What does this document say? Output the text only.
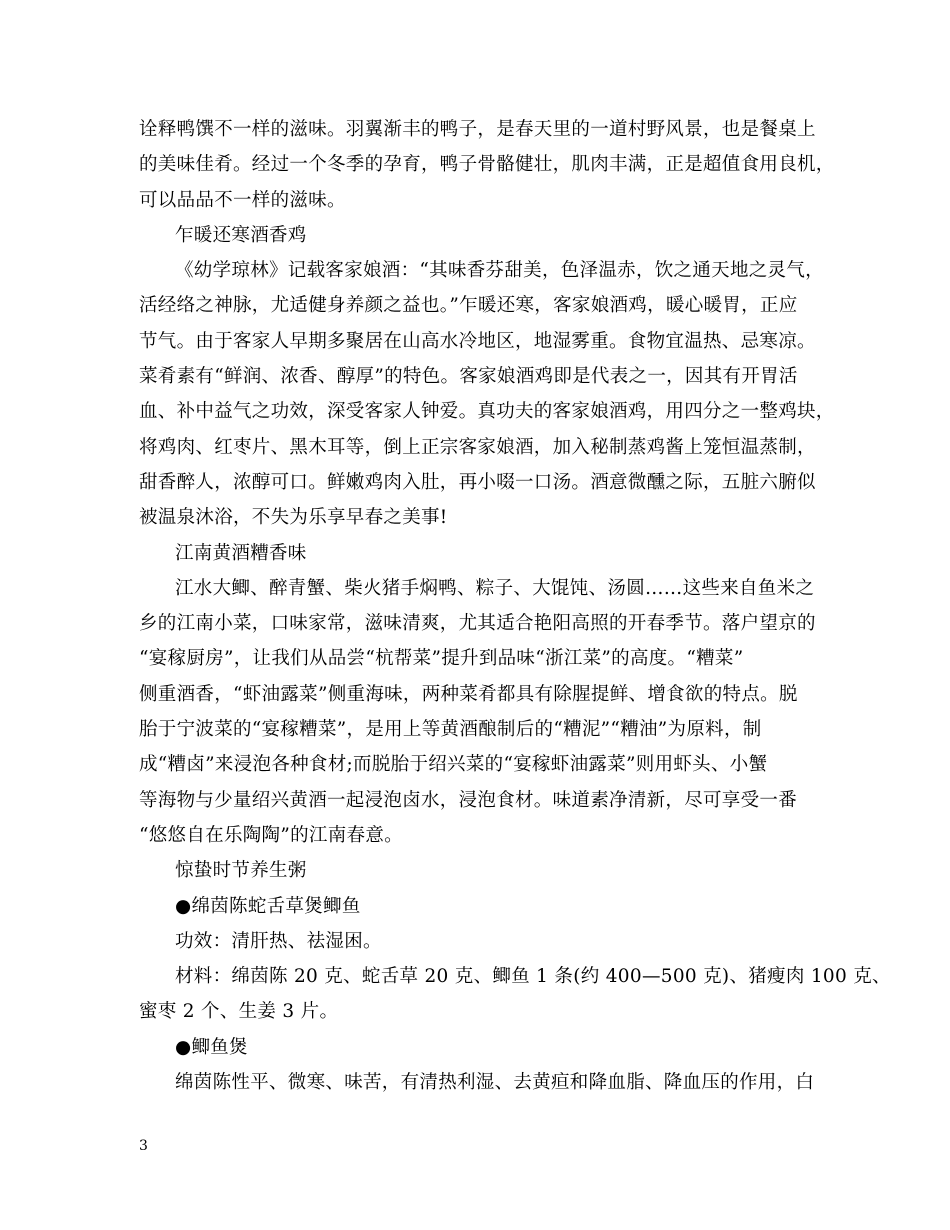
诠释鸭馔不一样的滋味。羽翼渐丰的鸭子，是春天里的一道村野风景，也是餐桌上
的美味佳肴。经过一个冬季的孕育，鸭子骨骼健壮，肌肉丰满，正是超值食用良机，
可以品品不一样的滋味。
乍暖还寒酒香鸡
《幼学琼林》记载客家娘酒：“其味香芬甜美，色泽温赤，饮之通天地之灵气，
活经络之神脉，尤适健身养颜之益也。”乍暖还寒，客家娘酒鸡，暖心暖胃，正应
节气。由于客家人早期多聚居在山高水冷地区，地湿雾重。食物宜温热、忌寒凉。
菜肴素有“鲜润、浓香、醇厚”的特色。客家娘酒鸡即是代表之一，因其有开胃活
血、补中益气之功效，深受客家人钟爱。真功夫的客家娘酒鸡，用四分之一整鸡块，
将鸡肉、红枣片、黑木耳等，倒上正宗客家娘酒，加入秘制蒸鸡酱上笼恒温蒸制，
甜香醉人，浓醇可口。鲜嫩鸡肉入肚，再小啜一口汤。酒意微醺之际，五脏六腑似
被温泉沐浴，不失为乐享早春之美事!
江南黄酒糟香味
江水大鲫、醉青蟹、柴火猪手焖鸭、粽子、大馄饨、汤圆……这些来自鱼米之
乡的江南小菜，口味家常，滋味清爽，尤其适合艳阳高照的开春季节。落户望京的
“宴稼厨房”，让我们从品尝“杭帮菜”提升到品味“浙江菜”的高度。“糟菜”
侧重酒香，“虾油露菜”侧重海味，两种菜肴都具有除腥提鲜、增食欲的特点。脱
胎于宁波菜的“宴稼糟菜”，是用上等黄酒酿制后的“糟泥”“糟油”为原料，制
成“糟卤”来浸泡各种食材;而脱胎于绍兴菜的“宴稼虾油露菜”则用虾头、小蟹
等海物与少量绍兴黄酒一起浸泡卤水，浸泡食材。味道素净清新，尽可享受一番
“悠悠自在乐陶陶”的江南春意。
惊蛰时节养生粥
●绵茵陈蛇舌草煲鲫鱼
功效：清肝热、祛湿困。
材料：绵茵陈 20 克、蛇舌草 20 克、鲫鱼 1 条(约 400—500 克)、猪瘦肉 100 克、
蜜枣 2 个、生姜 3 片。
●鲫鱼煲
绵茵陈性平、微寒、味苦，有清热利湿、去黄疸和降血脂、降血压的作用，白
3
